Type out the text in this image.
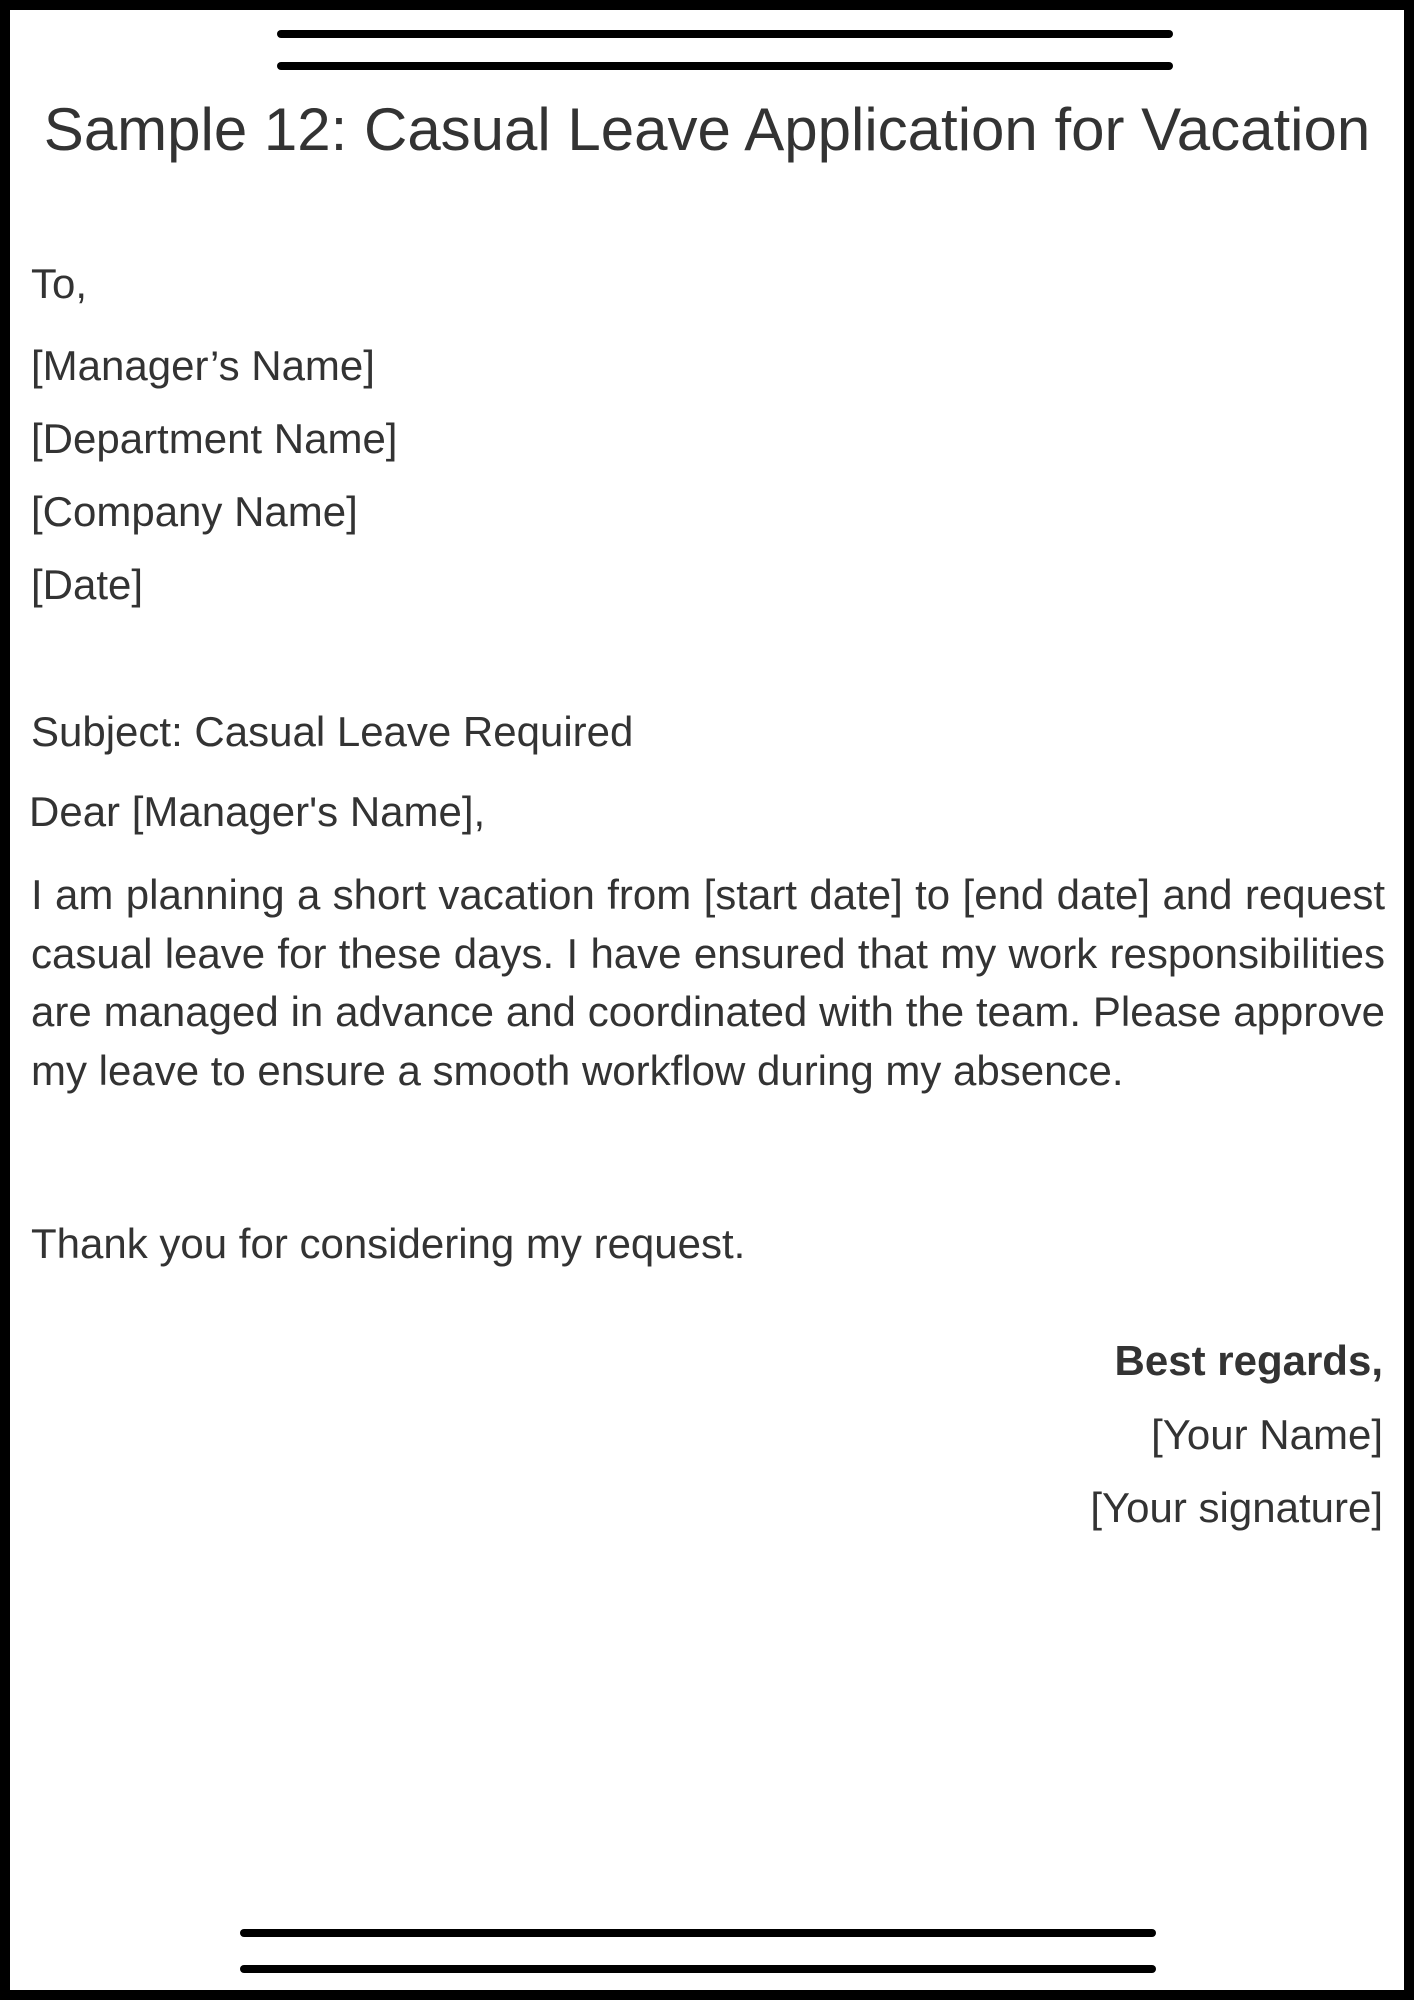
Sample 12: Casual Leave Application for Vacation
To,
[Manager’s Name]
[Department Name]
[Company Name]
[Date]
Subject: Casual Leave Required
Dear [Manager's Name],

I am planning a short vacation from [start date] to [end date] and request casual leave for these days. I have ensured that my work responsibilities are managed in advance and coordinated with the team. Please approve my leave to ensure a smooth workflow during my absence.

Thank you for considering my request.
Best regards,
[Your Name]
[Your signature]
